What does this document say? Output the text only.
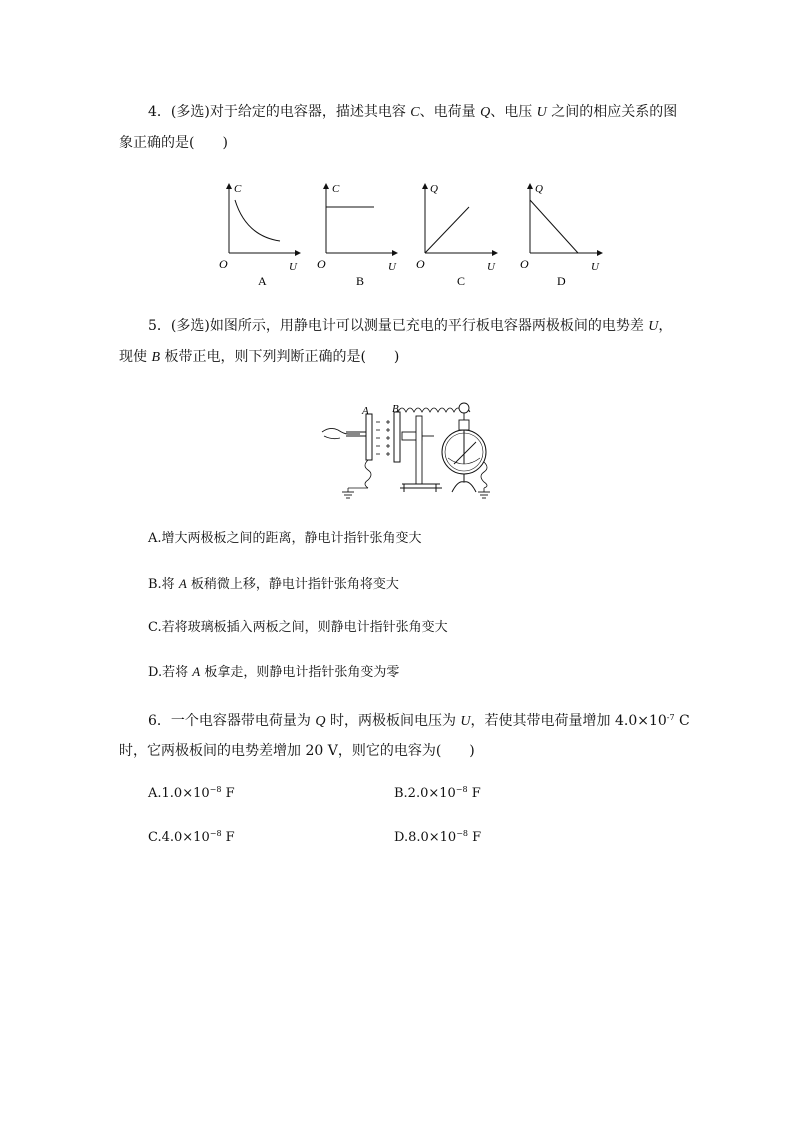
4．(多选)对于给定的电容器，描述其电容 C、电荷量 Q、电压 U 之间的相应关系的图
象正确的是(　　)
C
U
O
A
C
U
O
B
Q
U
O
C
Q
U
O
D
5．(多选)如图所示，用静电计可以测量已充电的平行板电容器两极板间的电势差 U，
现使 B 板带正电，则下列判断正确的是(　　)
A B
A.增大两极板之间的距离，静电计指针张角变大
B.将 A 板稍微上移，静电计指针张角将变大
C.若将玻璃板插入两板之间，则静电计指针张角变大
D.若将 A 板拿走，则静电计指针张角变为零
6．一个电容器带电荷量为 Q 时，两极板间电压为 U，若使其带电荷量增加 $4.0\times 10^{-7}$ C
时，它两极板间的电势差增加 20 V，则它的电容为(　　)
$A.1.0\times 10^{-8}$ F	$B.2.0\times 10^{-8}$ F
$C.4.0\times 10^{-8}$ F	$D.8.0\times 10^{-8}$ F
